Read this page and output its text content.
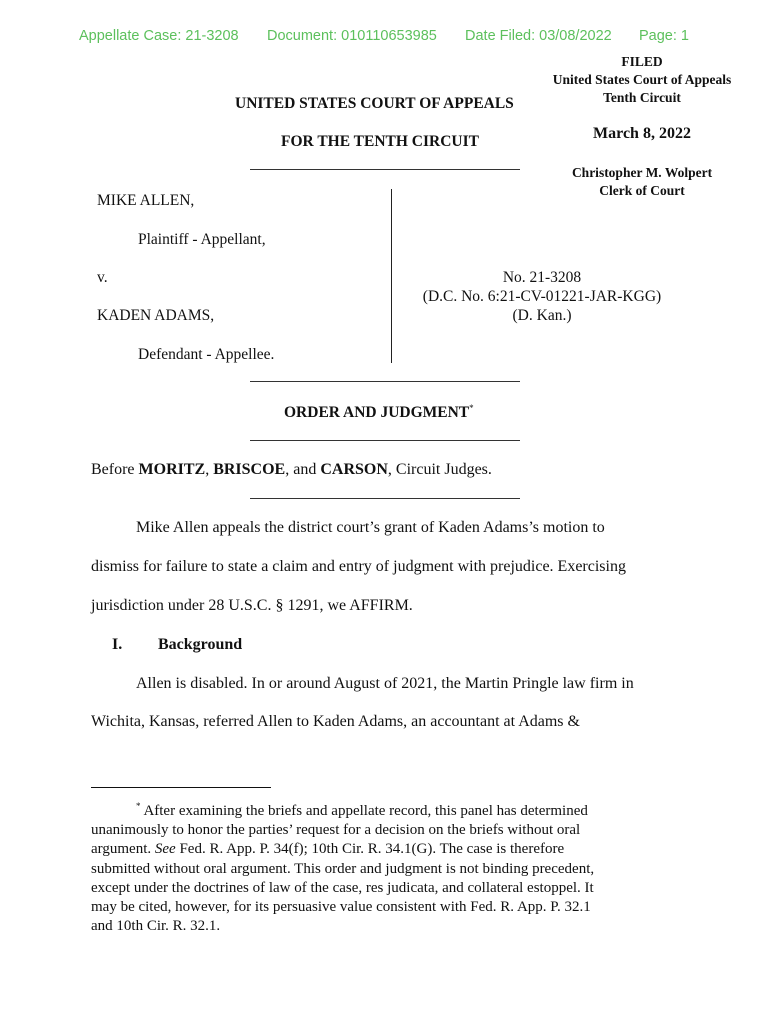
Appellate Case: 21-3208 Document: 010110653985 Date Filed: 03/08/2022 Page: 1
FILED
United States Court of Appeals
Tenth Circuit
March 8, 2022
Christopher M. Wolpert
Clerk of Court
UNITED STATES COURT OF APPEALS
FOR THE TENTH CIRCUIT
MIKE ALLEN,
Plaintiff - Appellant,
v.
KADEN ADAMS,
Defendant - Appellee.
No. 21-3208
(D.C. No. 6:21-CV-01221-JAR-KGG)
(D. Kan.)
ORDER AND JUDGMENT*
Before MORITZ, BRISCOE, and CARSON, Circuit Judges.
Mike Allen appeals the district court’s grant of Kaden Adams’s motion to
dismiss for failure to state a claim and entry of judgment with prejudice. Exercising
jurisdiction under 28 U.S.C. § 1291, we AFFIRM.
I. Background
Allen is disabled. In or around August of 2021, the Martin Pringle law firm in
Wichita, Kansas, referred Allen to Kaden Adams, an accountant at Adams &
* After examining the briefs and appellate record, this panel has determined
unanimously to honor the parties’ request for a decision on the briefs without oral
argument. See Fed. R. App. P. 34(f); 10th Cir. R. 34.1(G). The case is therefore
submitted without oral argument. This order and judgment is not binding precedent,
except under the doctrines of law of the case, res judicata, and collateral estoppel. It
may be cited, however, for its persuasive value consistent with Fed. R. App. P. 32.1
and 10th Cir. R. 32.1.
